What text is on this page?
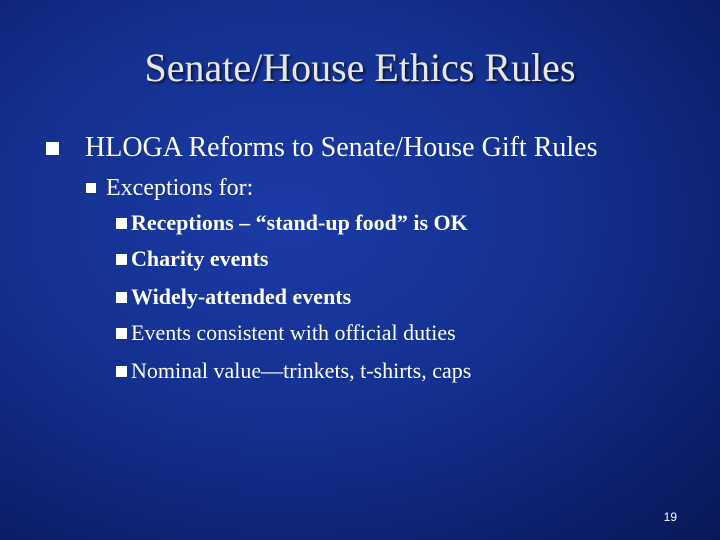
Senate/House Ethics Rules
HLOGA Reforms to Senate/House Gift Rules
Exceptions for:
Receptions – “stand-up food” is OK
Charity events
Widely-attended events
Events consistent with official duties
Nominal value—trinkets, t-shirts, caps
19
